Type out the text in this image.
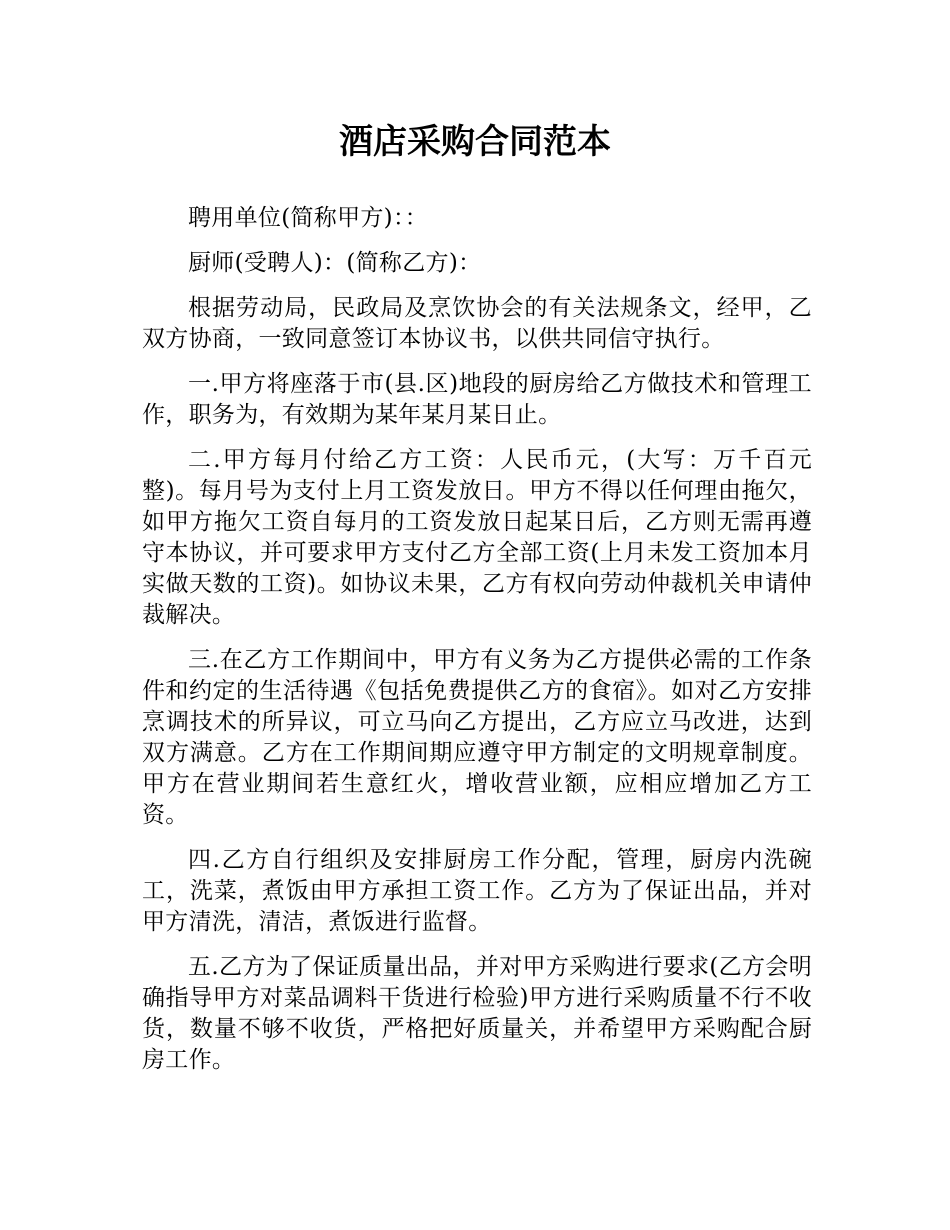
酒店采购合同范本

聘用单位(简称甲方)：：

厨师(受聘人)：(简称乙方)：

根据劳动局，民政局及烹饮协会的有关法规条文，经甲，乙双方协商，一致同意签订本协议书，以供共同信守执行。

一.甲方将座落于市(县.区)地段的厨房给乙方做技术和管理工作，职务为，有效期为某年某月某日止。

二.甲方每月付给乙方工资：人民币元，(大写：万千百元整)。每月号为支付上月工资发放日。甲方不得以任何理由拖欠，如甲方拖欠工资自每月的工资发放日起某日后，乙方则无需再遵守本协议，并可要求甲方支付乙方全部工资(上月未发工资加本月实做天数的工资)。如协议未果，乙方有权向劳动仲裁机关申请仲裁解决。

三.在乙方工作期间中，甲方有义务为乙方提供必需的工作条件和约定的生活待遇《包括免费提供乙方的食宿》。如对乙方安排烹调技术的所异议，可立马向乙方提出，乙方应立马改进，达到双方满意。乙方在工作期间期应遵守甲方制定的文明规章制度。甲方在营业期间若生意红火，增收营业额，应相应增加乙方工资。

四.乙方自行组织及安排厨房工作分配，管理，厨房内洗碗工，洗菜，煮饭由甲方承担工资工作。乙方为了保证出品，并对甲方清洗，清洁，煮饭进行监督。

五.乙方为了保证质量出品，并对甲方采购进行要求(乙方会明确指导甲方对菜品调料干货进行检验)甲方进行采购质量不行不收货，数量不够不收货，严格把好质量关，并希望甲方采购配合厨房工作。
